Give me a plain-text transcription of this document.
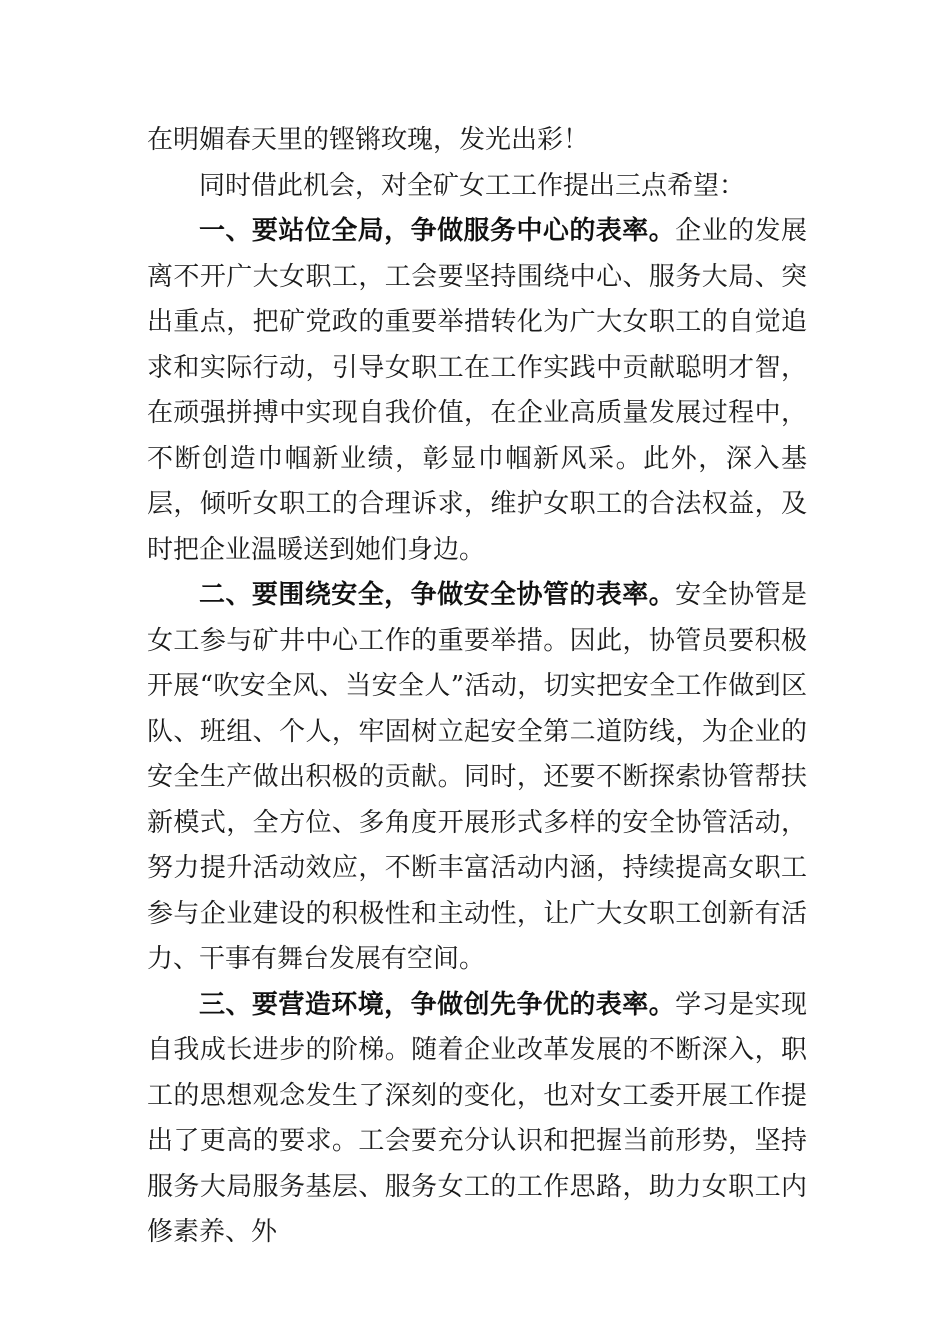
在明媚春天里的铿锵玫瑰，发光出彩！

同时借此机会，对全矿女工工作提出三点希望：

一、要站位全局，争做服务中心的表率。企业的发展离不开广大女职工，工会要坚持围绕中心、服务大局、突出重点，把矿党政的重要举措转化为广大女职工的自觉追求和实际行动，引导女职工在工作实践中贡献聪明才智，在顽强拼搏中实现自我价值，在企业高质量发展过程中，不断创造巾帼新业绩，彰显巾帼新风采。此外，深入基层，倾听女职工的合理诉求，维护女职工的合法权益，及时把企业温暖送到她们身边。

二、要围绕安全，争做安全协管的表率。安全协管是女工参与矿井中心工作的重要举措。因此，协管员要积极开展“吹安全风、当安全人”活动，切实把安全工作做到区队、班组、个人，牢固树立起安全第二道防线，为企业的安全生产做出积极的贡献。同时，还要不断探索协管帮扶新模式，全方位、多角度开展形式多样的安全协管活动，努力提升活动效应，不断丰富活动内涵，持续提高女职工参与企业建设的积极性和主动性，让广大女职工创新有活力、干事有舞台发展有空间。

三、要营造环境，争做创先争优的表率。学习是实现自我成长进步的阶梯。随着企业改革发展的不断深入，职工的思想观念发生了深刻的变化，也对女工委开展工作提出了更高的要求。工会要充分认识和把握当前形势，坚持服务大局服务基层、服务女工的工作思路，助力女职工内修素养、外
